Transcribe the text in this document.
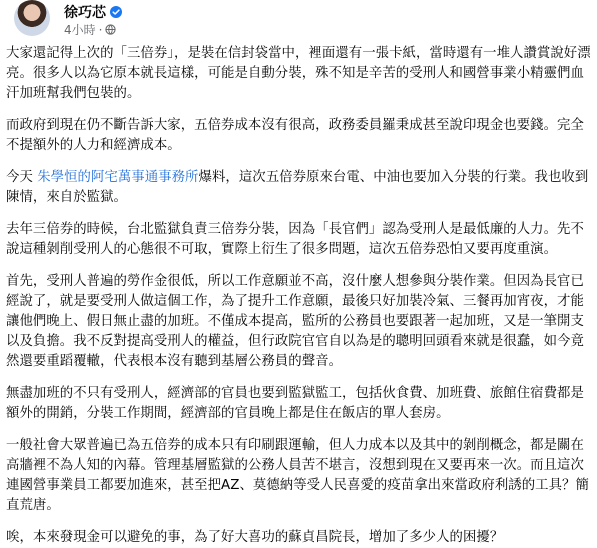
徐巧芯
4小時 ·
大家還記得上次的「三倍券」，是裝在信封袋當中，裡面還有一張卡紙，當時還有一堆人讚賞說好漂亮。很多人以為它原本就長這樣，可能是自動分裝，殊不知是辛苦的受刑人和國營事業小精靈們血汗加班幫我們包裝的。
而政府到現在仍不斷告訴大家，五倍券成本沒有很高，政務委員羅秉成甚至說印現金也要錢。完全不提額外的人力和經濟成本。
今天 朱學恒的阿宅萬事通事務所爆料，這次五倍券原來台電、中油也要加入分裝的行業。我也收到陳情，來自於監獄。
去年三倍券的時候，台北監獄負責三倍券分裝，因為「長官們」認為受刑人是最低廉的人力。先不說這種剝削受刑人的心態很不可取，實際上衍生了很多問題，這次五倍券恐怕又要再度重演。
首先，受刑人普遍的勞作金很低，所以工作意願並不高，沒什麼人想參與分裝作業。但因為長官已經說了，就是要受刑人做這個工作，為了提升工作意願，最後只好加裝冷氣、三餐再加宵夜，才能讓他們晚上、假日無止盡的加班。不僅成本提高，監所的公務員也要跟著一起加班，又是一筆開支以及負擔。我不反對提高受刑人的權益，但行政院官官自以為是的聰明回頭看來就是很蠢，如今竟然還要重蹈覆轍，代表根本沒有聽到基層公務員的聲音。
無盡加班的不只有受刑人，經濟部的官員也要到監獄監工，包括伙食費、加班費、旅館住宿費都是額外的開銷，分裝工作期間，經濟部的官員晚上都是住在飯店的單人套房。
一般社會大眾普遍已為五倍券的成本只有印刷跟運輸，但人力成本以及其中的剝削概念，都是關在高牆裡不為人知的內幕。管理基層監獄的公務人員苦不堪言，沒想到現在又要再來一次。而且這次連國營事業員工都要加進來，甚至把AZ、莫德納等受人民喜愛的疫苗拿出來當政府利誘的工具？簡直荒唐。
唉，本來發現金可以避免的事，為了好大喜功的蘇貞昌院長，增加了多少人的困擾？
